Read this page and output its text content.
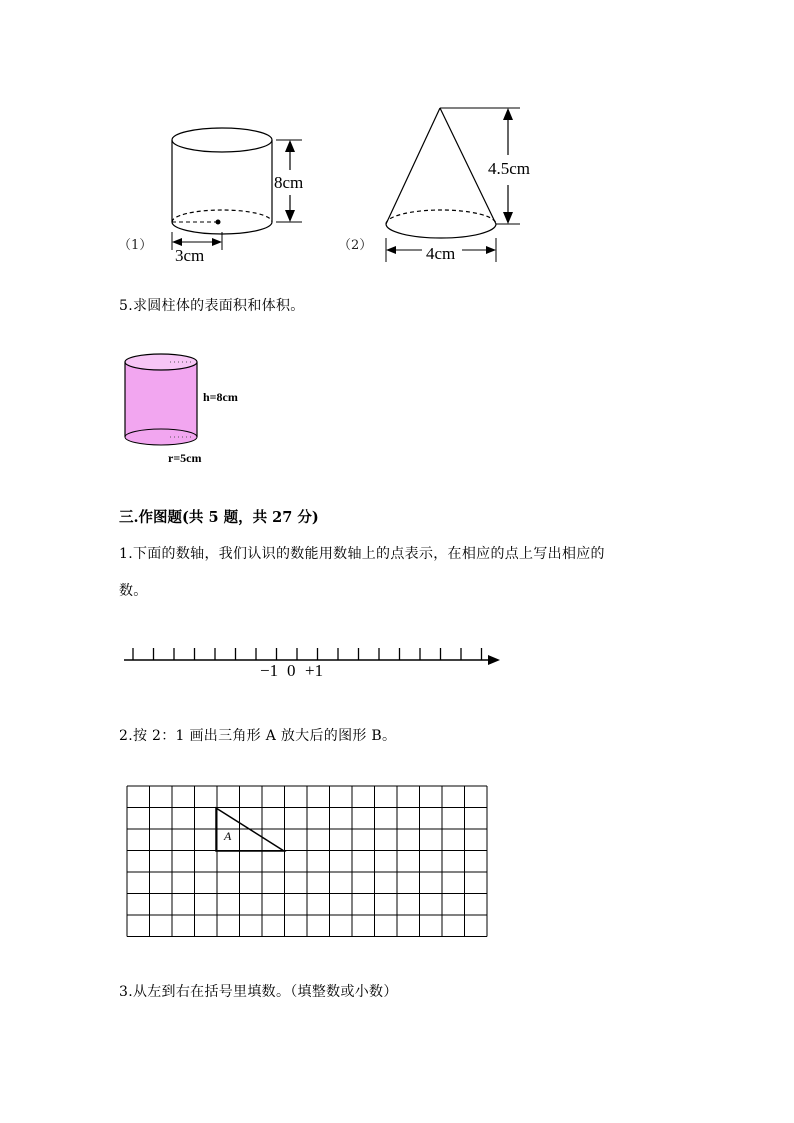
（1）
8cm
3cm
（2）
4.5cm
4cm
5.求圆柱体的表面积和体积。
h=8cm
r=5cm
三.作图题(共 5 题，共 27 分)
1.下面的数轴，我们认识的数能用数轴上的点表示，在相应的点上写出相应的
数。
−1 0 +1
2.按 2：1 画出三角形 A 放大后的图形 B。
A
3.从左到右在括号里填数。（填整数或小数）
